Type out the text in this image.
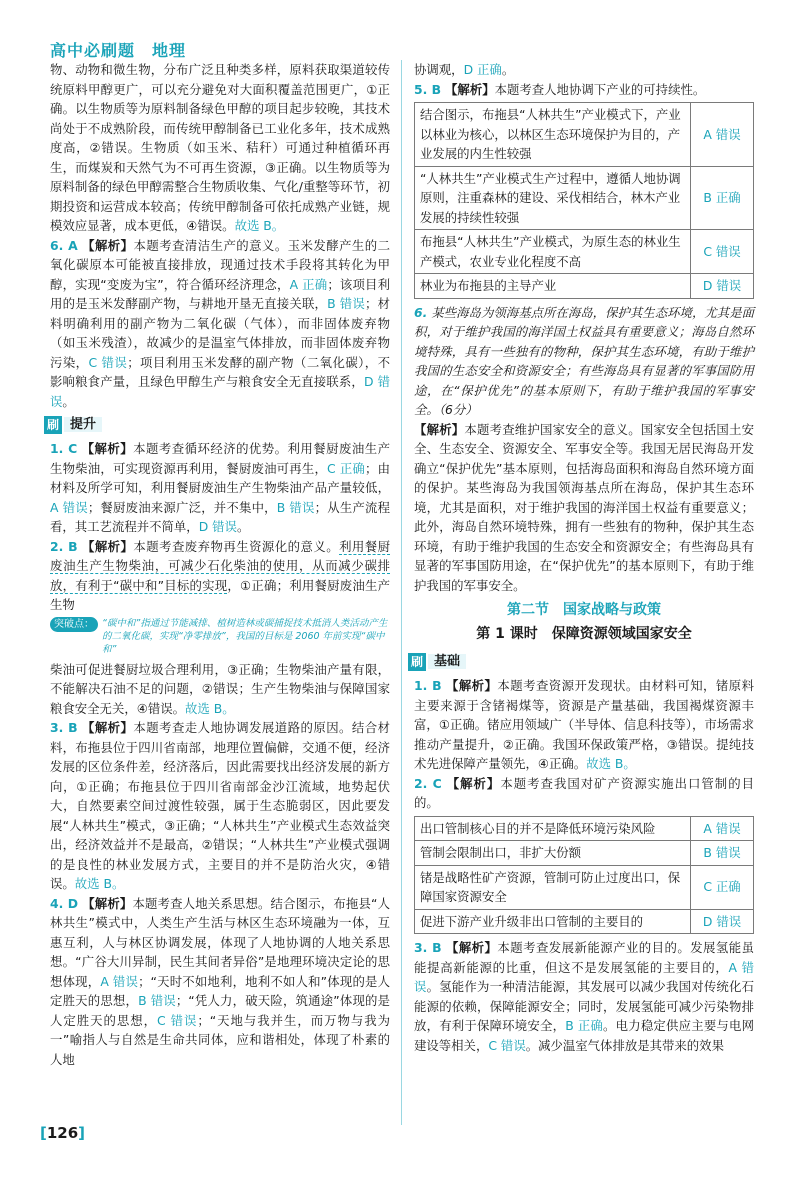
高中必刷题　地理

物、动物和微生物，分布广泛且种类多样，原料获取渠道较传统原料甲醇更广，可以充分避免对大面积覆盖范围更广，①正确。以生物质等为原料制备绿色甲醇的项目起步较晚，其技术尚处于不成熟阶段，而传统甲醇制备已工业化多年，技术成熟度高，②错误。生物质（如玉米、秸秆）可通过种植循环再生，而煤炭和天然气为不可再生资源，③正确。以生物质等为原料制备的绿色甲醇需整合生物质收集、气化/重整等环节，初期投资和运营成本较高；传统甲醇制备可依托成熟产业链，规模效应显著，成本更低，④错误。故选 B。

6. A 【解析】本题考查清洁生产的意义。玉米发酵产生的二氧化碳原本可能被直接排放，现通过技术手段将其转化为甲醇，实现“变废为宝”，符合循环经济理念，A 正确；该项目利用的是玉米发酵副产物，与耕地开垦无直接关联，B 错误；材料明确利用的副产物为二氧化碳（气体），而非固体废弃物（如玉米残渣），故减少的是温室气体排放，而非固体废弃物污染，C 错误；项目利用玉米发酵的副产物（二氧化碳），不影响粮食产量，且绿色甲醇生产与粮食安全无直接联系，D 错误。

刷 提升

1. C 【解析】本题考查循环经济的优势。利用餐厨废油生产生物柴油，可实现资源再利用，餐厨废油可再生，C 正确；由材料及所学可知，利用餐厨废油生产生物柴油产品产量较低，A 错误；餐厨废油来源广泛，并不集中，B 错误；从生产流程看，其工艺流程并不简单，D 错误。

2. B 【解析】本题考查废弃物再生资源化的意义。利用餐厨废油生产生物柴油，可减少石化柴油的使用，从而减少碳排放，有利于“碳中和”目标的实现，①正确；利用餐厨废油生产生物

突破点： “碳中和”指通过节能减排、植树造林或碳捕捉技术抵消人类活动产生的二氧化碳，实现“净零排放”，我国的目标是 2060 年前实现“碳中和”

柴油可促进餐厨垃圾合理利用，③正确；生物柴油产量有限，不能解决石油不足的问题，②错误；生产生物柴油与保障国家粮食安全无关，④错误。故选 B。

3. B 【解析】本题考查走人地协调发展道路的原因。结合材料，布拖县位于四川省南部，地理位置偏僻，交通不便，经济发展的区位条件差，经济落后，因此需要找出经济发展的新方向，①正确；布拖县位于四川省南部金沙江流域，地势起伏大，自然要素空间过渡性较强，属于生态脆弱区，因此要发展“人林共生”模式，③正确；“人林共生”产业模式生态效益突出，经济效益并不是最高，②错误；“人林共生”产业模式强调的是良性的林业发展方式，主要目的并不是防治火灾，④错误。故选 B。

4. D 【解析】本题考查人地关系思想。结合图示，布拖县“人林共生”模式中，人类生产生活与林区生态环境融为一体，互惠互利，人与林区协调发展，体现了人地协调的人地关系思想。“广谷大川异制，民生其间者异俗”是地理环境决定论的思想体现，A 错误；“天时不如地利，地利不如人和”体现的是人定胜天的思想，B 错误；“凭人力，破天险，筑通途”体现的是人定胜天的思想，C 错误；“天地与我并生，而万物与我为一”喻指人与自然是生命共同体，应和谐相处，体现了朴素的人地

协调观，D 正确。

5. B 【解析】本题考查人地协调下产业的可持续性。

结合图示，布拖县“人林共生”产业模式下，产业以林业为核心，以林区生态环境保护为目的，产业发展的内生性较强	A 错误
“人林共生”产业模式生产过程中，遵循人地协调原则，注重森林的建设、采伐相结合，林木产业发展的持续性较强	B 正确
布拖县“人林共生”产业模式，为原生态的林业生产模式，农业专业化程度不高	C 错误
林业为布拖县的主导产业	D 错误

6. 某些海岛为领海基点所在海岛，保护其生态环境，尤其是面积，对于维护我国的海洋国土权益具有重要意义；海岛自然环境特殊，具有一些独有的物种，保护其生态环境，有助于维护我国的生态安全和资源安全；有些海岛具有显著的军事国防用途，在“保护优先”的基本原则下，有助于维护我国的军事安全。（6分）

【解析】本题考查维护国家安全的意义。国家安全包括国土安全、生态安全、资源安全、军事安全等。我国无居民海岛开发确立“保护优先”基本原则，包括海岛面积和海岛自然环境方面的保护。某些海岛为我国领海基点所在海岛，保护其生态环境，尤其是面积，对于维护我国的海洋国土权益有重要意义；此外，海岛自然环境特殊，拥有一些独有的物种，保护其生态环境，有助于维护我国的生态安全和资源安全；有些海岛具有显著的军事国防用途，在“保护优先”的基本原则下，有助于维护我国的军事安全。

第二节　国家战略与政策
第 1 课时　保障资源领域国家安全
刷 基础

1. B 【解析】本题考查资源开发现状。由材料可知，锗原料主要来源于含锗褐煤等，资源是产量基础，我国褐煤资源丰富，①正确。锗应用领域广（半导体、信息科技等），市场需求推动产量提升，②正确。我国环保政策严格，③错误。提纯技术先进保障产量领先，④正确。故选 B。

2. C 【解析】本题考查我国对矿产资源实施出口管制的目的。

出口管制核心目的并不是降低环境污染风险	A 错误
管制会限制出口，非扩大份额	B 错误
锗是战略性矿产资源，管制可防止过度出口，保障国家资源安全	C 正确
促进下游产业升级非出口管制的主要目的	D 错误

3. B 【解析】本题考查发展新能源产业的目的。发展氢能虽能提高新能源的比重，但这不是发展氢能的主要目的，A 错误。氢能作为一种清洁能源，其发展可以减少我国对传统化石能源的依赖，保障能源安全；同时，发展氢能可减少污染物排放，有利于保障环境安全，B 正确。电力稳定供应主要与电网建设等相关，C 错误。减少温室气体排放是其带来的效果

[126]
